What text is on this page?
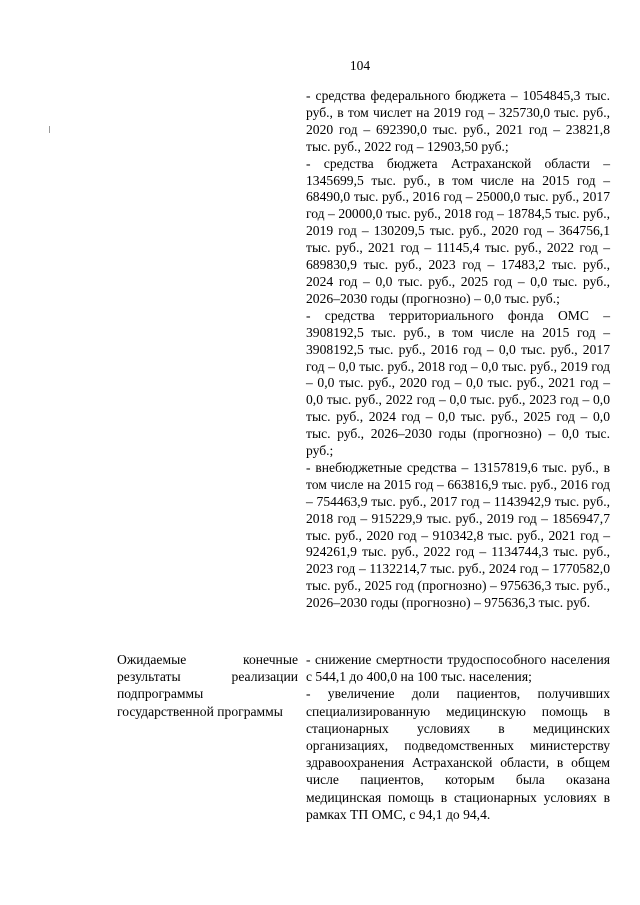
104

- средства федерального бюджета – 1054845,3 тыс. руб., в том числет на 2019 год – 325730,0 тыс. руб., 2020 год – 692390,0 тыс. руб., 2021 год – 23821,8 тыс. руб., 2022 год – 12903,50 руб.;

- средства бюджета Астраханской области – 1345699,5 тыс. руб., в том числе на 2015 год – 68490,0 тыс. руб., 2016 год – 25000,0 тыс. руб., 2017 год – 20000,0 тыс. руб., 2018 год – 18784,5 тыс. руб., 2019 год – 130209,5 тыс. руб., 2020 год – 364756,1 тыс. руб., 2021 год – 11145,4 тыс. руб., 2022 год – 689830,9 тыс. руб., 2023 год – 17483,2 тыс. руб., 2024 год – 0,0 тыс. руб., 2025 год – 0,0 тыс. руб., 2026–2030 годы (прогнозно) – 0,0 тыс. руб.;

- средства территориального фонда ОМС – 3908192,5 тыс. руб., в том числе на 2015 год – 3908192,5 тыс. руб., 2016 год – 0,0 тыс. руб., 2017 год – 0,0 тыс. руб., 2018 год – 0,0 тыс. руб., 2019 год – 0,0 тыс. руб., 2020 год – 0,0 тыс. руб., 2021 год – 0,0 тыс. руб., 2022 год – 0,0 тыс. руб., 2023 год – 0,0 тыс. руб., 2024 год – 0,0 тыс. руб., 2025 год – 0,0 тыс. руб., 2026–2030 годы (прогнозно) – 0,0 тыс. руб.;

- внебюджетные средства – 13157819,6 тыс. руб., в том числе на 2015 год – 663816,9 тыс. руб., 2016 год – 754463,9 тыс. руб., 2017 год – 1143942,9 тыс. руб., 2018 год – 915229,9 тыс. руб., 2019 год – 1856947,7 тыс. руб., 2020 год – 910342,8 тыс. руб., 2021 год – 924261,9 тыс. руб., 2022 год – 1134744,3 тыс. руб., 2023 год – 1132214,7 тыс. руб., 2024 год – 1770582,0 тыс. руб., 2025 год (прогнозно) – 975636,3 тыс. руб., 2026–2030 годы (прогнозно) – 975636,3 тыс. руб.

Ожидаемые конечные результаты реализации подпрограммы государственной программы

- снижение смертности трудоспособного населения с 544,1 до 400,0 на 100 тыс. населения;

- увеличение доли пациентов, получивших специализированную медицинскую помощь в стационарных условиях в медицинских организациях, подведомственных министерству здравоохранения Астраханской области, в общем числе пациентов, которым была оказана медицинская помощь в стационарных условиях в рамках ТП ОМС, с 94,1 до 94,4.
